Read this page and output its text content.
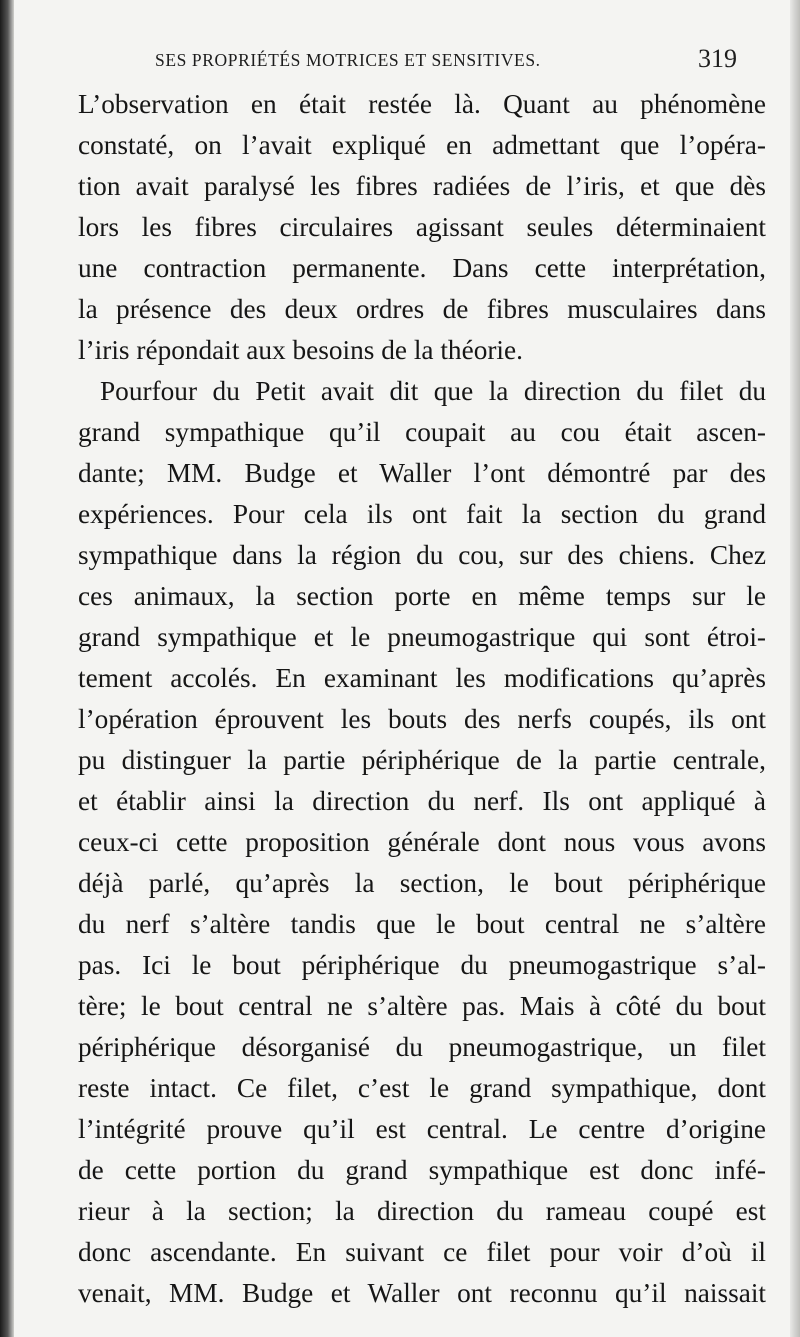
SES PROPRIÉTÉS MOTRICES ET SENSITIVES.	319
L’observation en était restée là. Quant au phénomène
constaté, on l’avait expliqué en admettant que l’opéra-
tion avait paralysé les fibres radiées de l’iris, et que dès
lors les fibres circulaires agissant seules déterminaient
une contraction permanente. Dans cette interprétation,
la présence des deux ordres de fibres musculaires dans
l’iris répondait aux besoins de la théorie.
Pourfour du Petit avait dit que la direction du filet du
grand sympathique qu’il coupait au cou était ascen-
dante; MM. Budge et Waller l’ont démontré par des
expériences. Pour cela ils ont fait la section du grand
sympathique dans la région du cou, sur des chiens. Chez
ces animaux, la section porte en même temps sur le
grand sympathique et le pneumogastrique qui sont étroi-
tement accolés. En examinant les modifications qu’après
l’opération éprouvent les bouts des nerfs coupés, ils ont
pu distinguer la partie périphérique de la partie centrale,
et établir ainsi la direction du nerf. Ils ont appliqué à
ceux-ci cette proposition générale dont nous vous avons
déjà parlé, qu’après la section, le bout périphérique
du nerf s’altère tandis que le bout central ne s’altère
pas. Ici le bout périphérique du pneumogastrique s’al-
tère; le bout central ne s’altère pas. Mais à côté du bout
périphérique désorganisé du pneumogastrique, un filet
reste intact. Ce filet, c’est le grand sympathique, dont
l’intégrité prouve qu’il est central. Le centre d’origine
de cette portion du grand sympathique est donc infé-
rieur à la section; la direction du rameau coupé est
donc ascendante. En suivant ce filet pour voir d’où il
venait, MM. Budge et Waller ont reconnu qu’il naissait
